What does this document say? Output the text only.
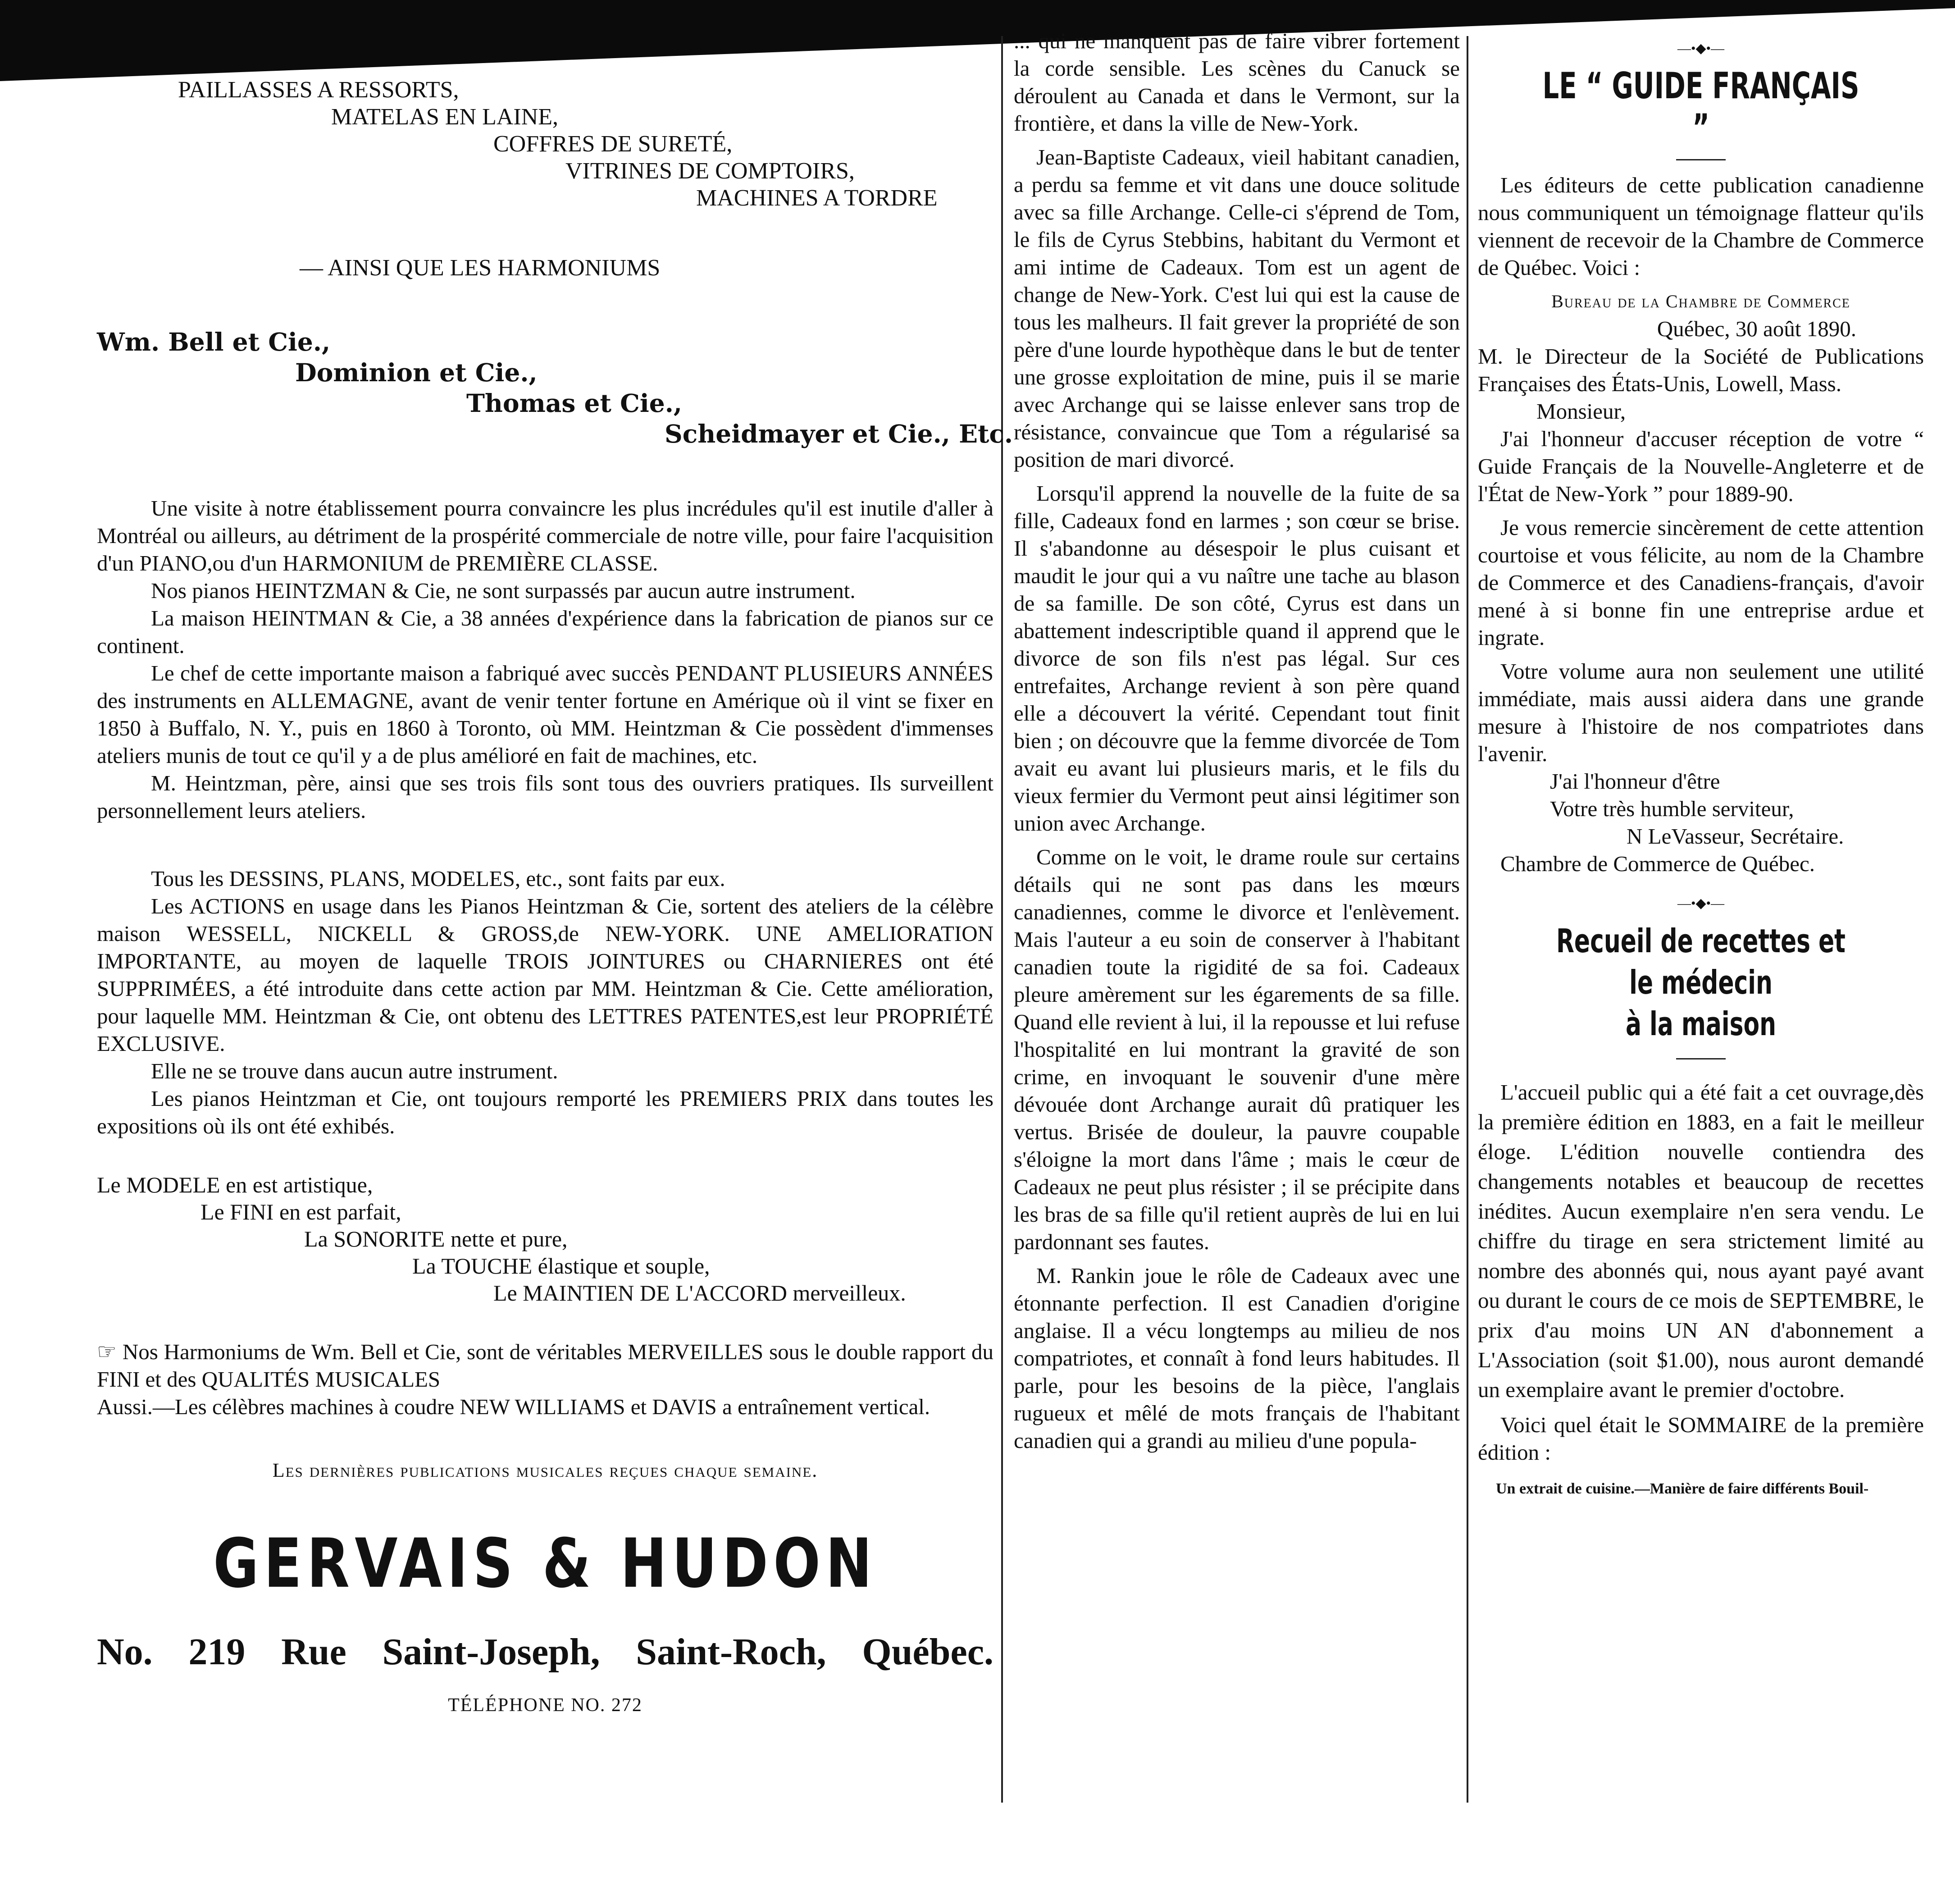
PAILLASSES A RESSORTS,

MATELAS EN LAINE,

COFFRES DE SURETÉ,

VITRINES DE COMPTOIRS,

MACHINES A TORDRE

— AINSI QUE LES HARMONIUMS

Wm. Bell et Cie.,

Dominion et Cie.,

Thomas et Cie.,

Scheidmayer et Cie., Etc.

Une visite à notre établissement pourra convaincre les plus incrédules qu'il est inutile d'aller à Montréal ou ailleurs, au détriment de la prospérité commerciale de notre ville, pour faire l'acquisition d'un PIANO,ou d'un HARMONIUM de PREMIÈRE CLASSE.

Nos pianos HEINTZMAN & Cie, ne sont surpassés par aucun autre instrument.

La maison HEINTMAN & Cie, a 38 années d'expérience dans la fabrication de pianos sur ce continent.

Le chef de cette importante maison a fabriqué avec succès PENDANT PLUSIEURS ANNÉES des instruments en ALLEMAGNE, avant de venir tenter fortune en Amérique où il vint se fixer en 1850 à Buffalo, N. Y., puis en 1860 à Toronto, où MM. Heintzman & Cie possèdent d'immenses ateliers munis de tout ce qu'il y a de plus amélioré en fait de machines, etc.

M. Heintzman, père, ainsi que ses trois fils sont tous des ouvriers pratiques. Ils surveillent personnellement leurs ateliers.

Tous les DESSINS, PLANS, MODELES, etc., sont faits par eux.

Les ACTIONS en usage dans les Pianos Heintzman & Cie, sortent des ateliers de la célèbre maison WESSELL, NICKELL & GROSS,de NEW-YORK. UNE AMELIORATION IMPORTANTE, au moyen de laquelle TROIS JOINTURES ou CHARNIERES ont été SUPPRIMÉES, a été introduite dans cette action par MM. Heintzman & Cie. Cette amélioration, pour laquelle MM. Heintzman & Cie, ont obtenu des LETTRES PATENTES,est leur PROPRIÉTÉ EXCLUSIVE.

Elle ne se trouve dans aucun autre instrument.

Les pianos Heintzman et Cie, ont toujours remporté les PREMIERS PRIX dans toutes les expositions où ils ont été exhibés.

Le MODELE en est artistique,

Le FINI en est parfait,

La SONORITE nette et pure,

La TOUCHE élastique et souple,

Le MAINTIEN DE L'ACCORD merveilleux.

☞ Nos Harmoniums de Wm. Bell et Cie, sont de véritables MERVEILLES sous le double rapport du FINI et des QUALITÉS MUSICALES

Aussi.—Les célèbres machines à coudre NEW WILLIAMS et DAVIS a entraînement vertical.

Les dernières publications musicales reçues chaque semaine.

GERVAIS & HUDON

No. 219 Rue Saint-Joseph, Saint-Roch, Québec.

TÉLÉPHONE NO. 272

... qui ne manquent pas de faire vibrer fortement la corde sensible. Les scènes du Canuck se déroulent au Canada et dans le Vermont, sur la frontière, et dans la ville de New-York.

Jean-Baptiste Cadeaux, vieil habitant canadien, a perdu sa femme et vit dans une douce solitude avec sa fille Archange. Celle-ci s'éprend de Tom, le fils de Cyrus Stebbins, habitant du Vermont et ami intime de Cadeaux. Tom est un agent de change de New-York. C'est lui qui est la cause de tous les malheurs. Il fait grever la propriété de son père d'une lourde hypothèque dans le but de tenter une grosse exploitation de mine, puis il se marie avec Archange qui se laisse enlever sans trop de résistance, convaincue que Tom a régularisé sa position de mari divorcé.

Lorsqu'il apprend la nouvelle de la fuite de sa fille, Cadeaux fond en larmes ; son cœur se brise. Il s'abandonne au désespoir le plus cuisant et maudit le jour qui a vu naître une tache au blason de sa famille. De son côté, Cyrus est dans un abattement indescriptible quand il apprend que le divorce de son fils n'est pas légal. Sur ces entrefaites, Archange revient à son père quand elle a découvert la vérité. Cependant tout finit bien ; on découvre que la femme divorcée de Tom avait eu avant lui plusieurs maris, et le fils du vieux fermier du Vermont peut ainsi légitimer son union avec Archange.

Comme on le voit, le drame roule sur certains détails qui ne sont pas dans les mœurs canadiennes, comme le divorce et l'enlèvement. Mais l'auteur a eu soin de conserver à l'habitant canadien toute la rigidité de sa foi. Cadeaux pleure amèrement sur les égarements de sa fille. Quand elle revient à lui, il la repousse et lui refuse l'hospitalité en lui montrant la gravité de son crime, en invoquant le souvenir d'une mère dévouée dont Archange aurait dû pratiquer les vertus. Brisée de douleur, la pauvre coupable s'éloigne la mort dans l'âme ; mais le cœur de Cadeaux ne peut plus résister ; il se précipite dans les bras de sa fille qu'il retient auprès de lui en lui pardonnant ses fautes.

M. Rankin joue le rôle de Cadeaux avec une étonnante perfection. Il est Canadien d'origine anglaise. Il a vécu longtemps au milieu de nos compatriotes, et connaît à fond leurs habitudes. Il parle, pour les besoins de la pièce, l'anglais rugueux et mêlé de mots français de l'habitant canadien qui a grandi au milieu d'une popula-

—•◆•—

LE “ GUIDE FRANÇAIS ”

Les éditeurs de cette publication canadienne nous communiquent un témoignage flatteur qu'ils viennent de recevoir de la Chambre de Commerce de Québec. Voici :

Bureau de la Chambre de Commerce

Québec, 30 août 1890.

M. le Directeur de la Société de Publications Françaises des États-Unis, Lowell, Mass.

Monsieur,

J'ai l'honneur d'accuser réception de votre “ Guide Français de la Nouvelle-Angleterre et de l'État de New-York ” pour 1889-90.

Je vous remercie sincèrement de cette attention courtoise et vous félicite, au nom de la Chambre de Commerce et des Canadiens-français, d'avoir mené à si bonne fin une entreprise ardue et ingrate.

Votre volume aura non seulement une utilité immédiate, mais aussi aidera dans une grande mesure à l'histoire de nos compatriotes dans l'avenir.

J'ai l'honneur d'être

Votre très humble serviteur,

N LeVasseur, Secrétaire.

Chambre de Commerce de Québec.

—•◆•—

Recueil de recettes et le médecin

à la maison

L'accueil public qui a été fait a cet ouvrage,dès la première édition en 1883, en a fait le meilleur éloge. L'édition nouvelle contiendra des changements notables et beaucoup de recettes inédites. Aucun exemplaire n'en sera vendu. Le chiffre du tirage en sera strictement limité au nombre des abonnés qui, nous ayant payé avant ou durant le cours de ce mois de SEPTEMBRE, le prix d'au moins UN AN d'abonnement a L'Association (soit $1.00), nous auront demandé un exemplaire avant le premier d'octobre.

Voici quel était le SOMMAIRE de la première édition :

Un extrait de cuisine.—Manière de faire différents Bouil-
